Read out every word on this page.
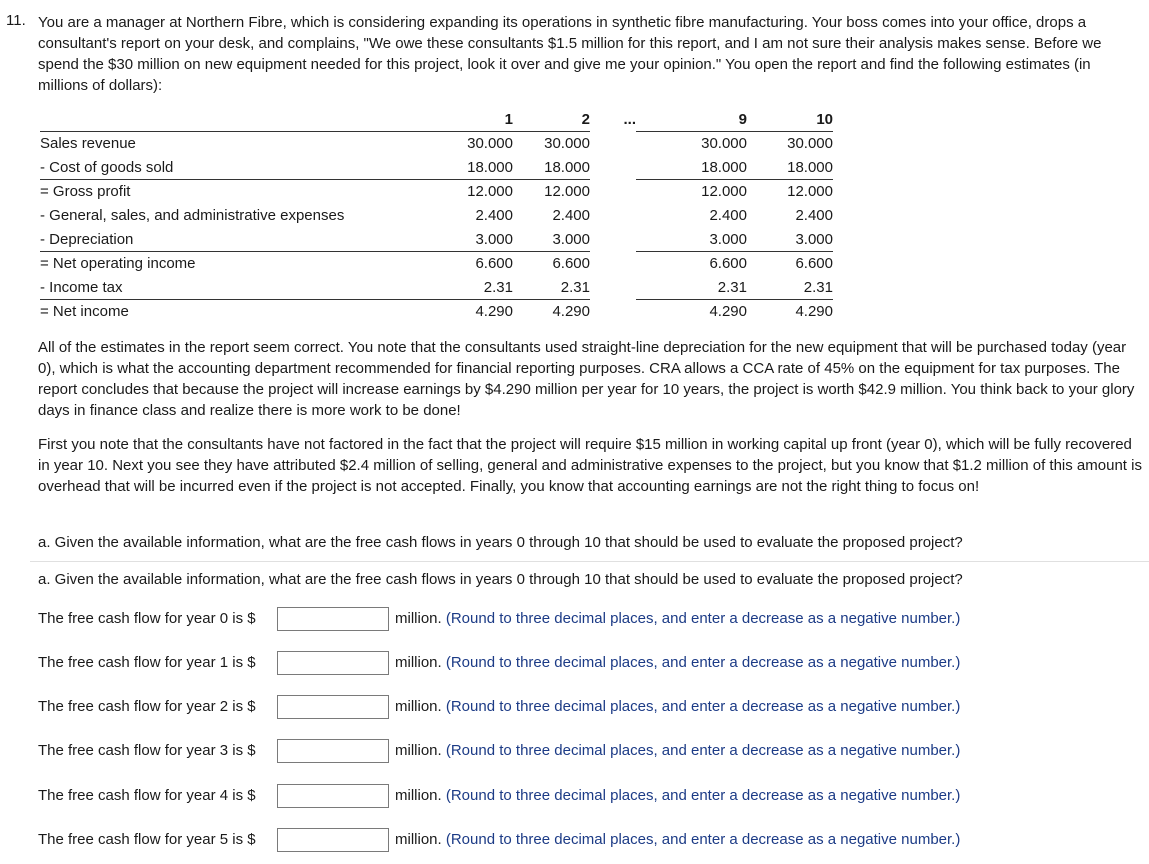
11. You are a manager at Northern Fibre, which is considering expanding its operations in synthetic fibre manufacturing. Your boss comes into your office, drops a consultant's report on your desk, and complains, "We owe these consultants $1.5 million for this report, and I am not sure their analysis makes sense. Before we spend the $30 million on new equipment needed for this project, look it over and give me your opinion." You open the report and find the following estimates (in millions of dollars):

	1	2	...	9	10
Sales revenue	30.000	30.000		30.000	30.000
- Cost of goods sold	18.000	18.000		18.000	18.000
= Gross profit	12.000	12.000		12.000	12.000
- General, sales, and administrative expenses	2.400	2.400		2.400	2.400
- Depreciation	3.000	3.000		3.000	3.000
= Net operating income	6.600	6.600		6.600	6.600
- Income tax	2.31	2.31		2.31	2.31
= Net income	4.290	4.290		4.290	4.290

All of the estimates in the report seem correct. You note that the consultants used straight-line depreciation for the new equipment that will be purchased today (year 0), which is what the accounting department recommended for financial reporting purposes. CRA allows a CCA rate of 45% on the equipment for tax purposes. The report concludes that because the project will increase earnings by $4.290 million per year for 10 years, the project is worth $42.9 million. You think back to your glory days in finance class and realize there is more work to be done!

First you note that the consultants have not factored in the fact that the project will require $15 million in working capital up front (year 0), which will be fully recovered in year 10. Next you see they have attributed $2.4 million of selling, general and administrative expenses to the project, but you know that $1.2 million of this amount is overhead that will be incurred even if the project is not accepted. Finally, you know that accounting earnings are not the right thing to focus on!

a. Given the available information, what are the free cash flows in years 0 through 10 that should be used to evaluate the proposed project?

a. Given the available information, what are the free cash flows in years 0 through 10 that should be used to evaluate the proposed project?

The free cash flow for year 0 is $	million. (Round to three decimal places, and enter a decrease as a negative number.)
The free cash flow for year 1 is $	million. (Round to three decimal places, and enter a decrease as a negative number.)
The free cash flow for year 2 is $	million. (Round to three decimal places, and enter a decrease as a negative number.)
The free cash flow for year 3 is $	million. (Round to three decimal places, and enter a decrease as a negative number.)
The free cash flow for year 4 is $	million. (Round to three decimal places, and enter a decrease as a negative number.)
The free cash flow for year 5 is $	million. (Round to three decimal places, and enter a decrease as a negative number.)
